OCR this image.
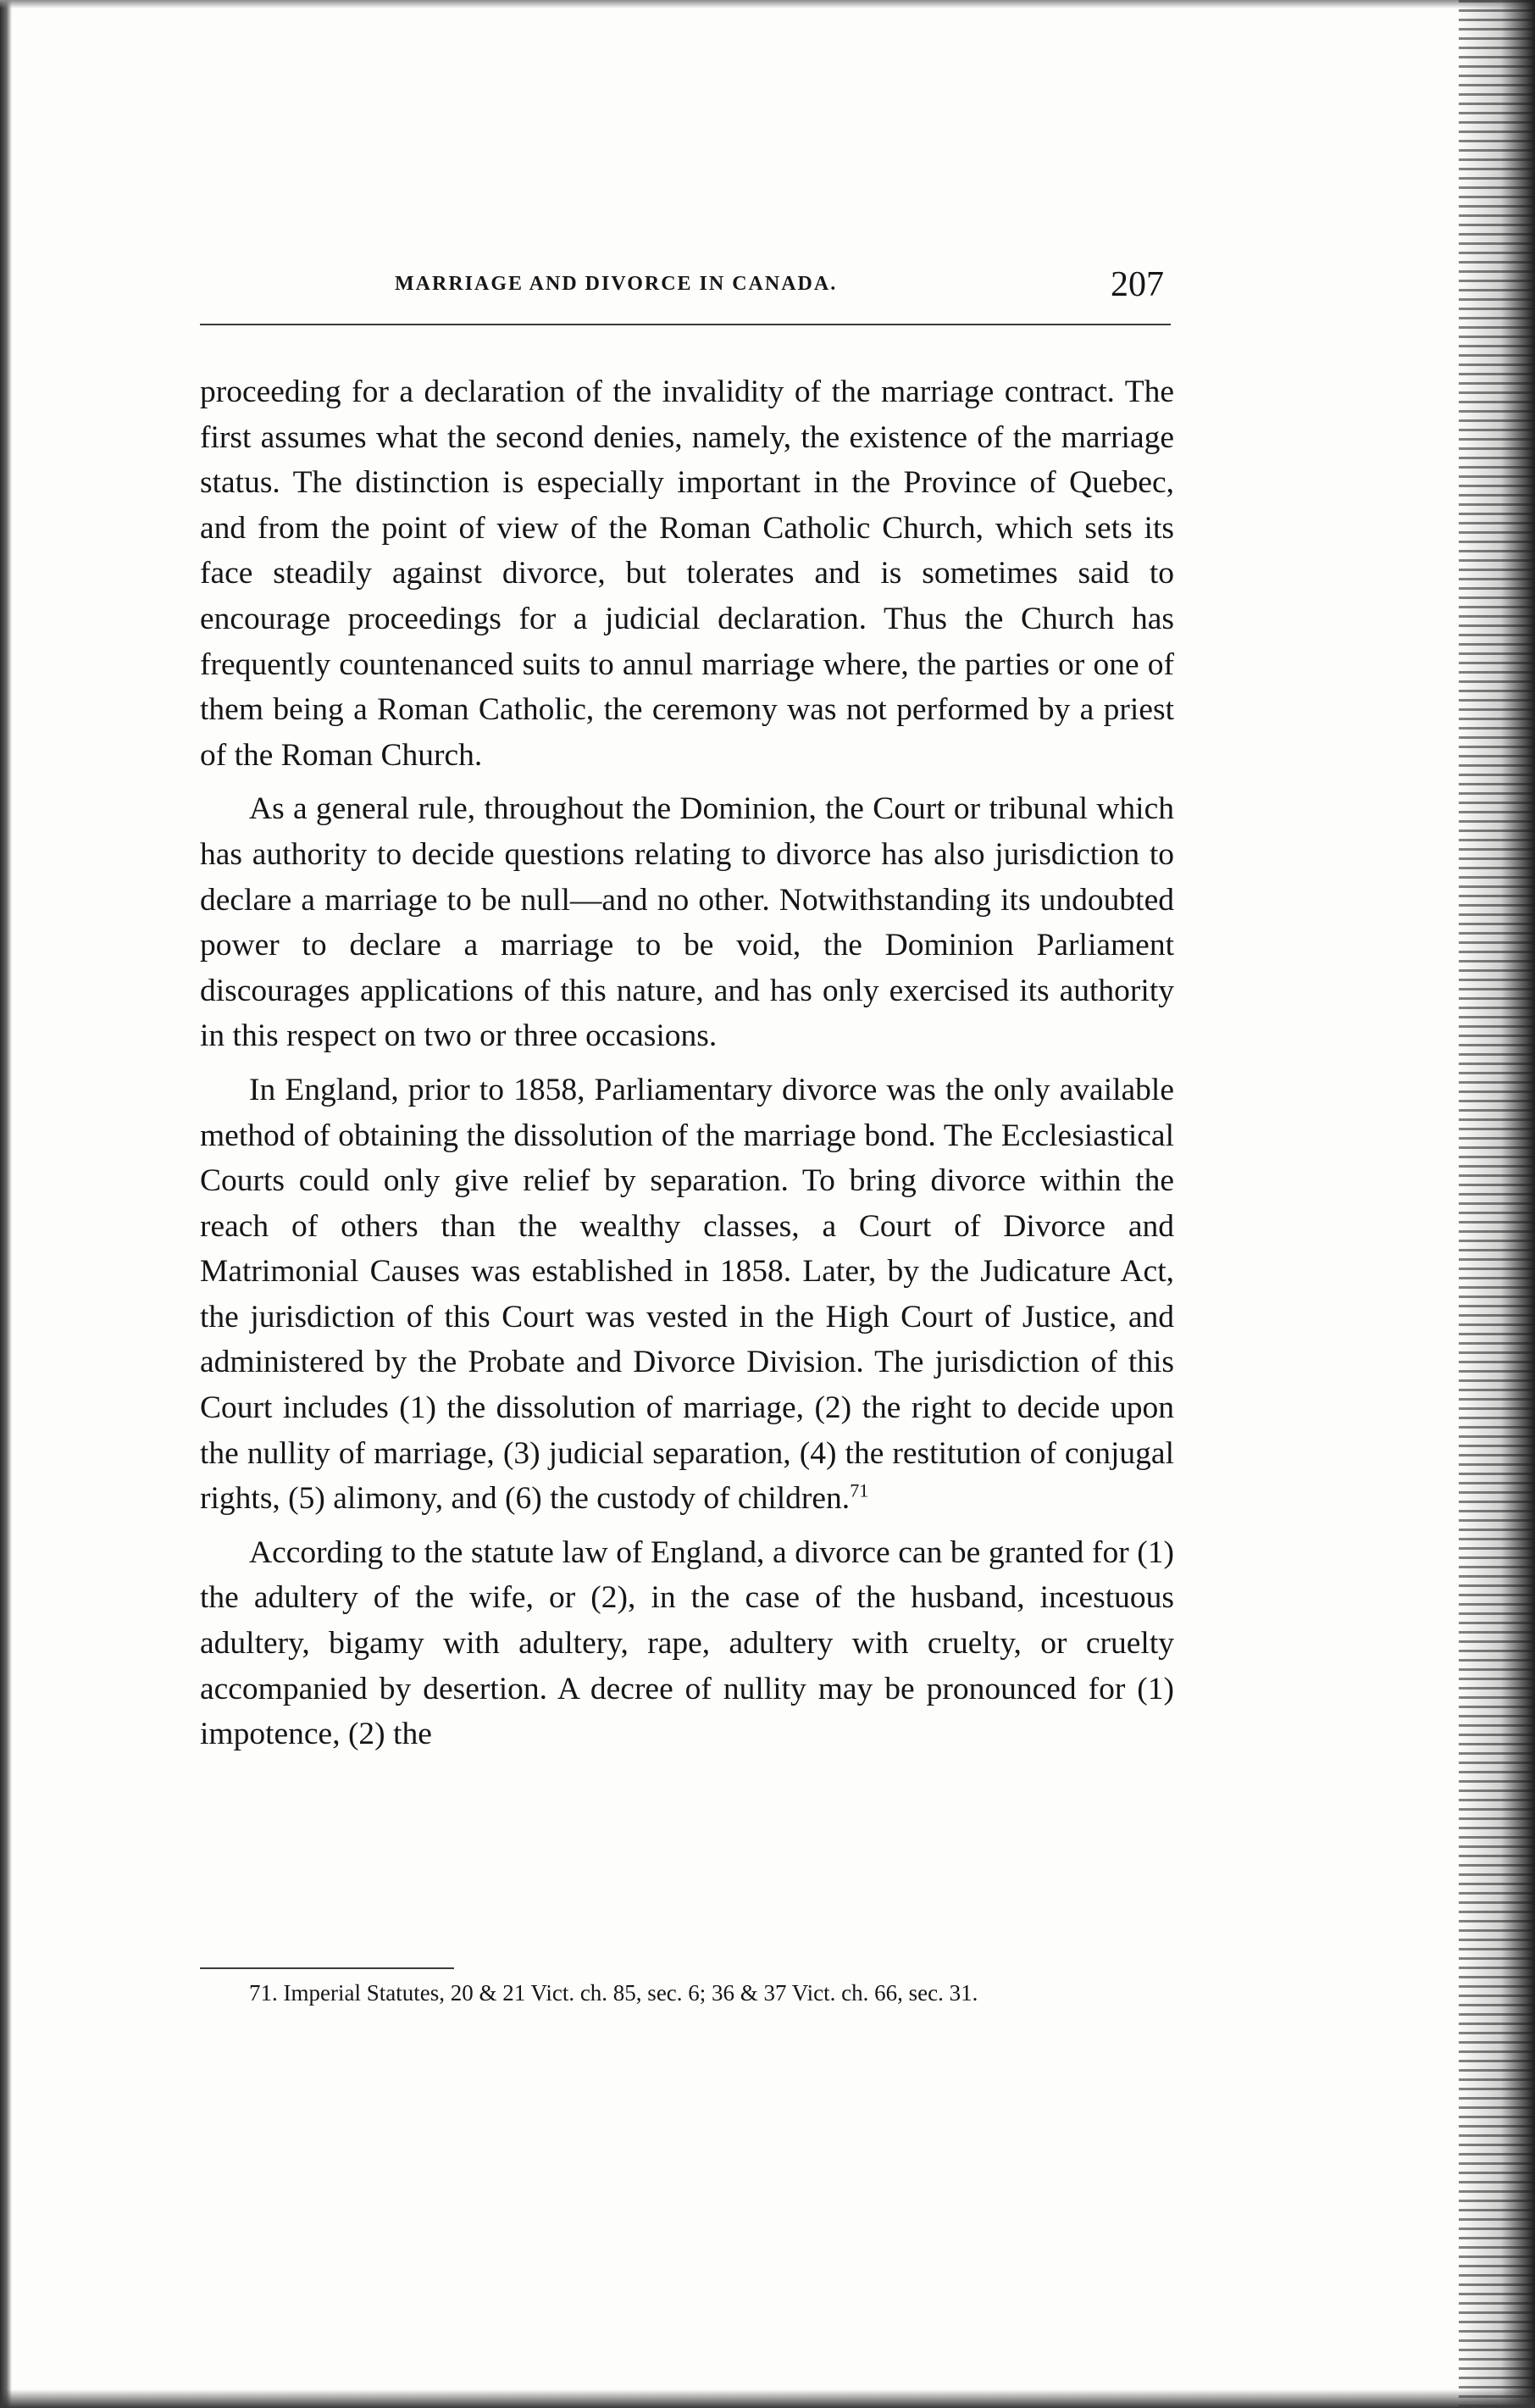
MARRIAGE AND DIVORCE IN CANADA.	207

proceeding for a declaration of the invalidity of the marriage contract. The first assumes what the second denies, namely, the existence of the marriage status. The distinction is especially important in the Province of Quebec, and from the point of view of the Roman Catholic Church, which sets its face steadily against divorce, but tolerates and is sometimes said to encourage proceedings for a judicial declaration. Thus the Church has frequently countenanced suits to annul marriage where, the parties or one of them being a Roman Catholic, the ceremony was not performed by a priest of the Roman Church.

As a general rule, throughout the Dominion, the Court or tribunal which has authority to decide questions relating to divorce has also jurisdiction to declare a marriage to be null—and no other. Notwithstanding its undoubted power to declare a marriage to be void, the Dominion Parliament discourages applications of this nature, and has only exercised its authority in this respect on two or three occasions.

In England, prior to 1858, Parliamentary divorce was the only available method of obtaining the dissolution of the marriage bond. The Ecclesiastical Courts could only give relief by separation. To bring divorce within the reach of others than the wealthy classes, a Court of Divorce and Matrimonial Causes was established in 1858. Later, by the Judicature Act, the jurisdiction of this Court was vested in the High Court of Justice, and administered by the Probate and Divorce Division. The jurisdiction of this Court includes (1) the dissolution of marriage, (2) the right to decide upon the nullity of marriage, (3) judicial separation, (4) the restitution of conjugal rights, (5) alimony, and (6) the custody of children.$^{71}$

According to the statute law of England, a divorce can be granted for (1) the adultery of the wife, or (2), in the case of the husband, incestuous adultery, bigamy with adultery, rape, adultery with cruelty, or cruelty accompanied by desertion. A decree of nullity may be pronounced for (1) impotence, (2) the

71. Imperial Statutes, 20 & 21 Vict. ch. 85, sec. 6; 36 & 37 Vict. ch. 66, sec. 31.
